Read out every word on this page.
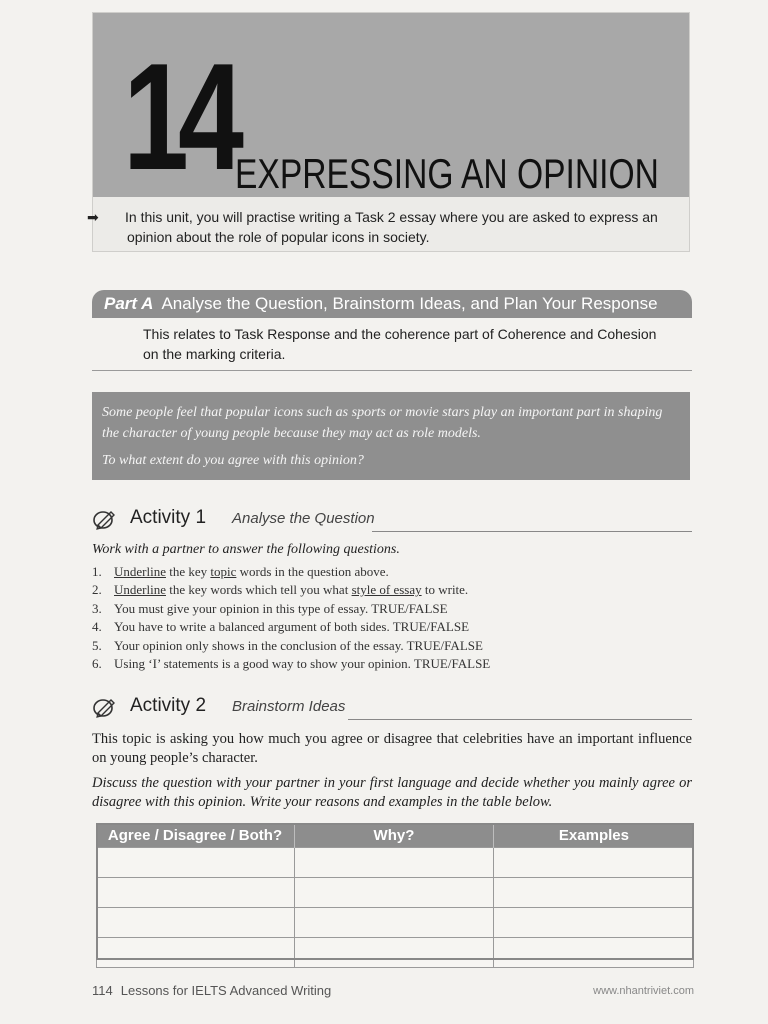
14 EXPRESSING AN OPINION

➡ In this unit, you will practise writing a Task 2 essay where you are asked to express an opinion about the role of popular icons in society.

Part A Analyse the Question, Brainstorm Ideas, and Plan Your Response
This relates to Task Response and the coherence part of Coherence and Cohesion on the marking criteria.

Some people feel that popular icons such as sports or movie stars play an important part in shaping the character of young people because they may act as role models.

To what extent do you agree with this opinion?

Activity 1 Analyse the Question
Work with a partner to answer the following questions.
1. Underline the key topic words in the question above.
2. Underline the key words which tell you what style of essay to write.
3. You must give your opinion in this type of essay. TRUE/FALSE
4. You have to write a balanced argument of both sides. TRUE/FALSE
5. Your opinion only shows in the conclusion of the essay. TRUE/FALSE
6. Using ‘I’ statements is a good way to show your opinion. TRUE/FALSE
Activity 2 Brainstorm Ideas
This topic is asking you how much you agree or disagree that celebrities have an important influence on young people’s character.
Discuss the question with your partner in your first language and decide whether you mainly agree or disagree with this opinion. Write your reasons and examples in the table below.
Agree / Disagree / Both?	Why?	Examples

114 Lessons for IELTS Advanced Writing	www.nhantriviet.com
